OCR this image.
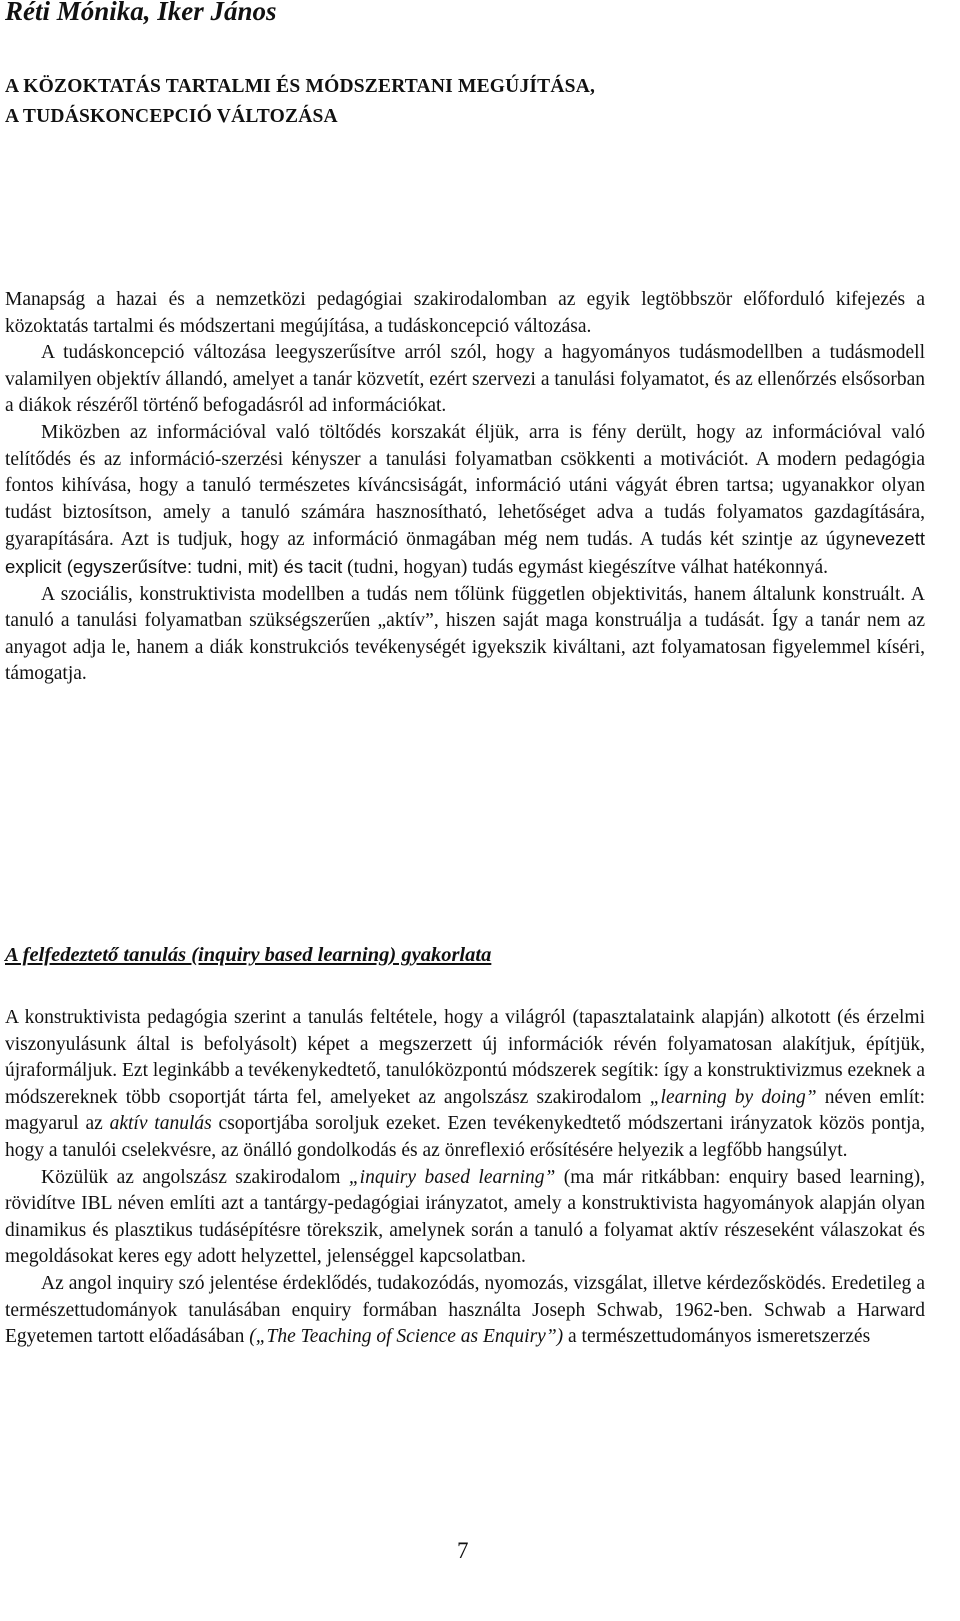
Réti Mónika, Iker János
A KÖZOKTATÁS TARTALMI ÉS MÓDSZERTANI MEGÚJÍTÁSA,
A TUDÁSKONCEPCIÓ VÁLTOZÁSA

Manapság a hazai és a nemzetközi pedagógiai szakirodalomban az egyik legtöbbször előforduló kifejezés a közoktatás tartalmi és módszertani megújítása, a tudáskoncepció változása.

A tudáskoncepció változása leegyszerűsítve arról szól, hogy a hagyományos tudásmodellben a tudásmodell valamilyen objektív állandó, amelyet a tanár közvetít, ezért szervezi a tanulási folyamatot, és az ellenőrzés elsősorban a diákok részéről történő befogadásról ad információkat.

Miközben az információval való töltődés korszakát éljük, arra is fény derült, hogy az információval való telítődés és az információ-szerzési kényszer a tanulási folyamatban csökkenti a motivációt. A modern pedagógia fontos kihívása, hogy a tanuló természetes kíváncsiságát, információ utáni vágyát ébren tartsa; ugyanakkor olyan tudást biztosítson, amely a tanuló számára hasznosítható, lehetőséget adva a tudás folyamatos gazdagítására, gyarapítására. Azt is tudjuk, hogy az információ önmagában még nem tudás. A tudás két szintje az úgynevezett explicit (egyszerűsítve: tudni, mit) és tacit (tudni, hogyan) tudás egymást kiegészítve válhat hatékonnyá.

A szociális, konstruktivista modellben a tudás nem tőlünk független objektivitás, hanem általunk konstruált. A tanuló a tanulási folyamatban szükségszerűen „aktív”, hiszen saját maga konstruálja a tudását. Így a tanár nem az anyagot adja le, hanem a diák konstrukciós tevékenységét igyekszik kiváltani, azt folyamatosan figyelemmel kíséri, támogatja.

A felfedeztető tanulás (inquiry based learning) gyakorlata

A konstruktivista pedagógia szerint a tanulás feltétele, hogy a világról (tapasztalataink alapján) alkotott (és érzelmi viszonyulásunk által is befolyásolt) képet a megszerzett új információk révén folyamatosan alakítjuk, építjük, újraformáljuk. Ezt leginkább a tevékenykedtető, tanulóközpontú módszerek segítik: így a konstruktivizmus ezeknek a módszereknek több csoportját tárta fel, amelyeket az angolszász szakirodalom „learning by doing” néven említ: magyarul az aktív tanulás csoportjába soroljuk ezeket. Ezen tevékenykedtető módszertani irányzatok közös pontja, hogy a tanulói cselekvésre, az önálló gondolkodás és az önreflexió erősítésére helyezik a legfőbb hangsúlyt.

Közülük az angolszász szakirodalom „inquiry based learning” (ma már ritkábban: enquiry based learning), rövidítve IBL néven említi azt a tantárgy-pedagógiai irányzatot, amely a konstruktivista hagyományok alapján olyan dinamikus és plasztikus tudásépítésre törekszik, amelynek során a tanuló a folyamat aktív részeseként válaszokat és megoldásokat keres egy adott helyzettel, jelenséggel kapcsolatban.

Az angol inquiry szó jelentése érdeklődés, tudakozódás, nyomozás, vizsgálat, illetve kérdezősködés. Eredetileg a természettudományok tanulásában enquiry formában használta Joseph Schwab, 1962-ben. Schwab a Harward Egyetemen tartott előadásában („The Teaching of Science as Enquiry”) a természettudományos ismeretszerzés

7
